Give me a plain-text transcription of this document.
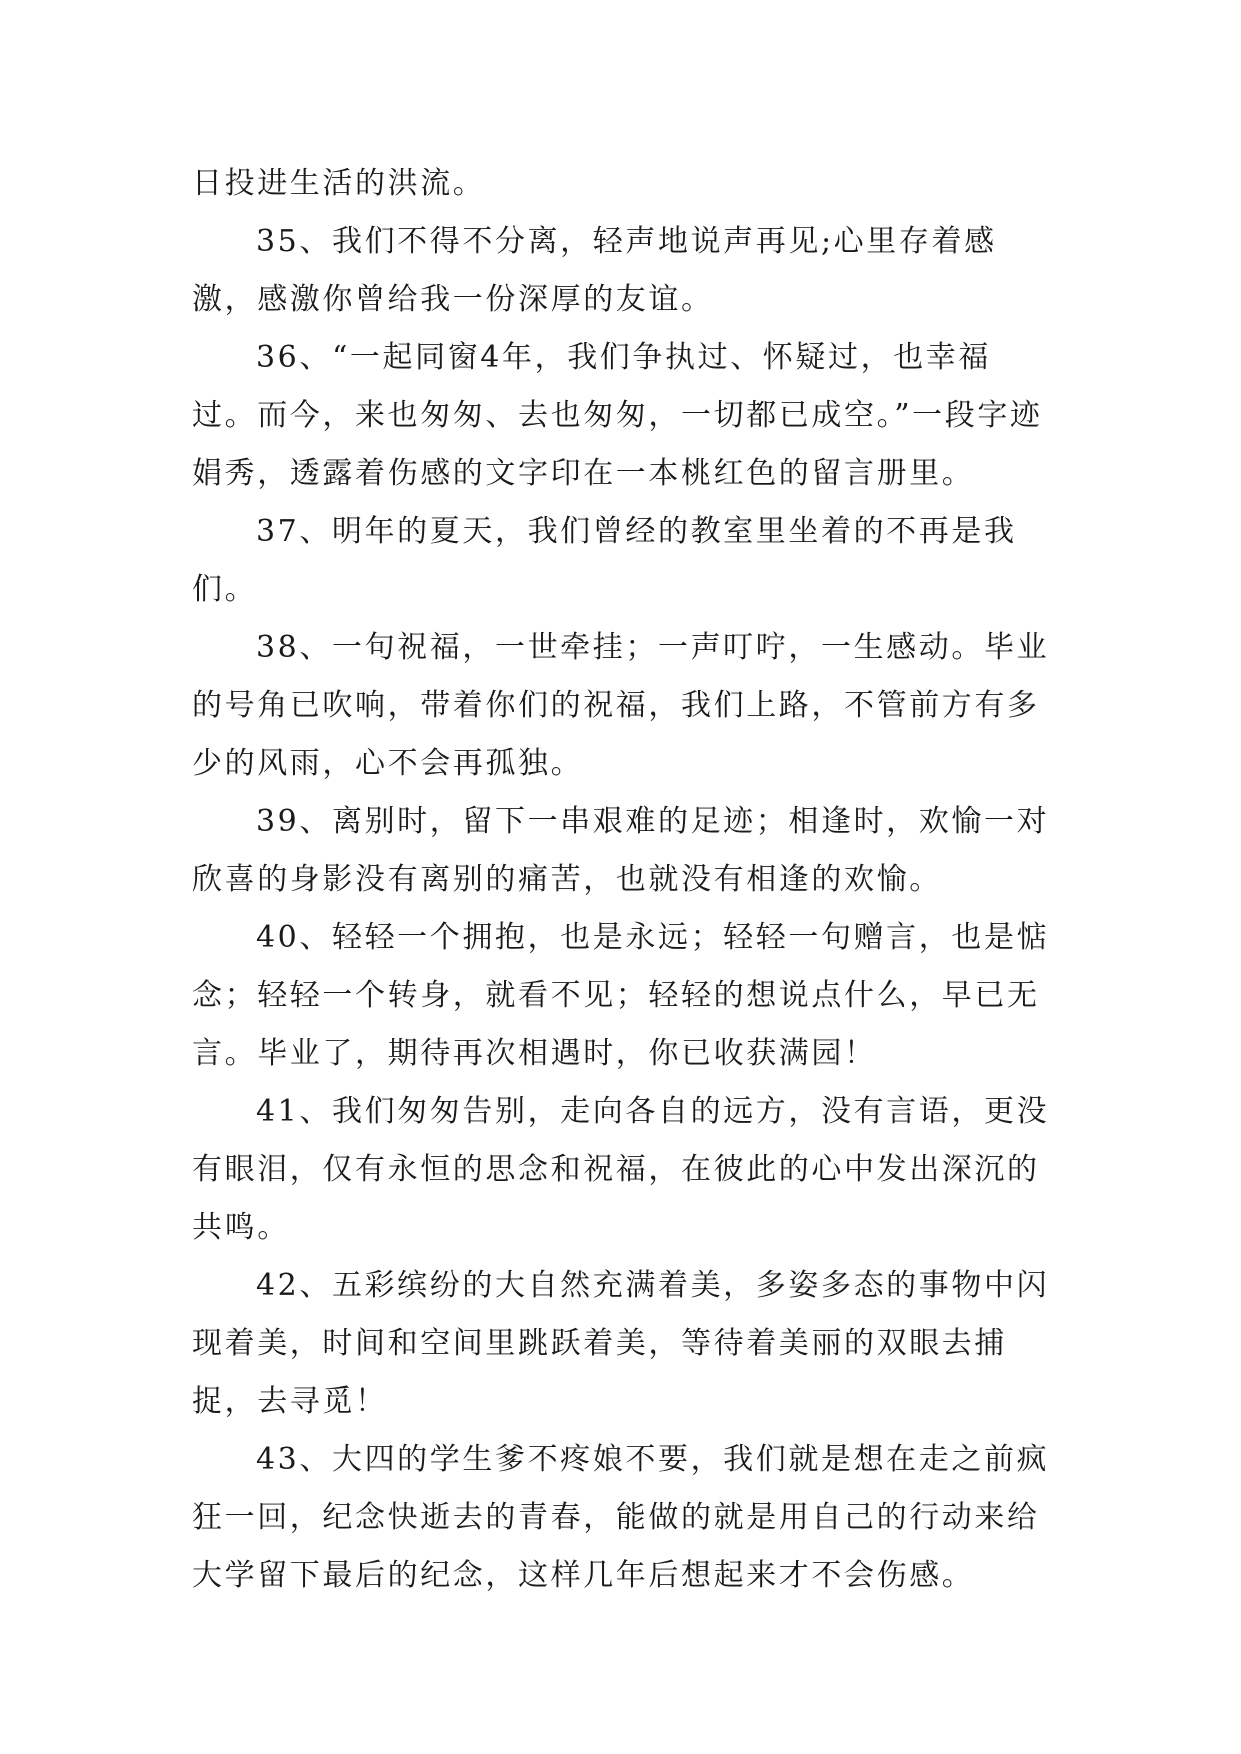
日投进生活的洪流。

35、我们不得不分离，轻声地说声再见;心里存着感激，感激你曾给我一份深厚的友谊。

36、“一起同窗4年，我们争执过、怀疑过，也幸福过。而今，来也匆匆、去也匆匆，一切都已成空。”一段字迹娟秀，透露着伤感的文字印在一本桃红色的留言册里。

37、明年的夏天，我们曾经的教室里坐着的不再是我们。

38、一句祝福，一世牵挂；一声叮咛，一生感动。毕业的号角已吹响，带着你们的祝福，我们上路，不管前方有多少的风雨，心不会再孤独。

39、离别时，留下一串艰难的足迹；相逢时，欢愉一对欣喜的身影没有离别的痛苦，也就没有相逢的欢愉。

40、轻轻一个拥抱，也是永远；轻轻一句赠言，也是惦念；轻轻一个转身，就看不见；轻轻的想说点什么，早已无言。毕业了，期待再次相遇时，你已收获满园！

41、我们匆匆告别，走向各自的远方，没有言语，更没有眼泪，仅有永恒的思念和祝福，在彼此的心中发出深沉的共鸣。

42、五彩缤纷的大自然充满着美，多姿多态的事物中闪现着美，时间和空间里跳跃着美，等待着美丽的双眼去捕捉，去寻觅！

43、大四的学生爹不疼娘不要，我们就是想在走之前疯狂一回，纪念快逝去的青春，能做的就是用自己的行动来给大学留下最后的纪念，这样几年后想起来才不会伤感。
